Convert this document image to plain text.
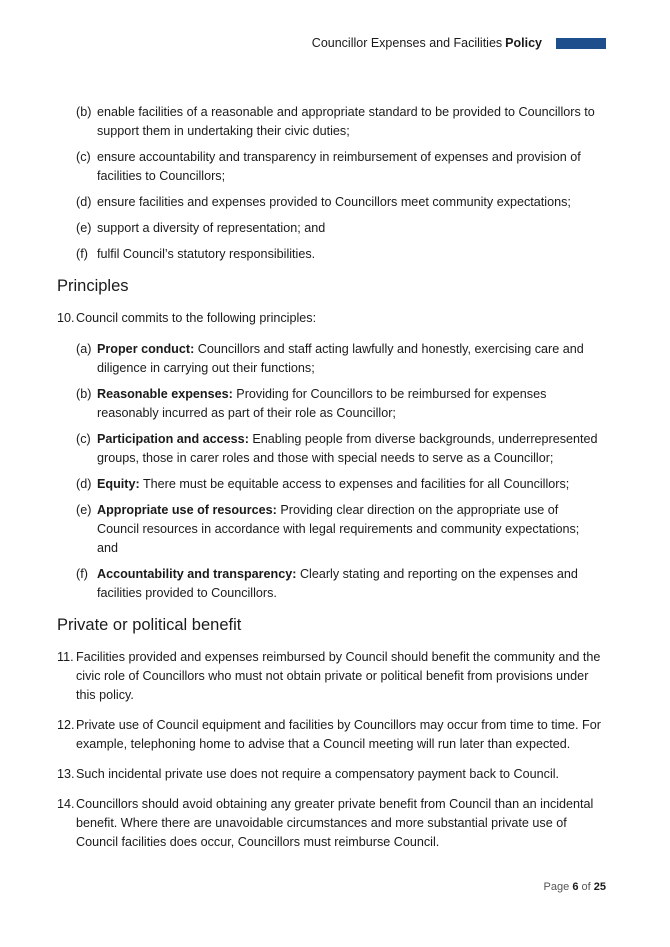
Councillor Expenses and Facilities Policy
(b) enable facilities of a reasonable and appropriate standard to be provided to Councillors to support them in undertaking their civic duties;
(c) ensure accountability and transparency in reimbursement of expenses and provision of facilities to Councillors;
(d) ensure facilities and expenses provided to Councillors meet community expectations;
(e) support a diversity of representation; and
(f) fulfil Council’s statutory responsibilities.
Principles
10. Council commits to the following principles:
(a) Proper conduct: Councillors and staff acting lawfully and honestly, exercising care and diligence in carrying out their functions;
(b) Reasonable expenses: Providing for Councillors to be reimbursed for expenses reasonably incurred as part of their role as Councillor;
(c) Participation and access: Enabling people from diverse backgrounds, underrepresented groups, those in carer roles and those with special needs to serve as a Councillor;
(d) Equity: There must be equitable access to expenses and facilities for all Councillors;
(e) Appropriate use of resources: Providing clear direction on the appropriate use of Council resources in accordance with legal requirements and community expectations; and
(f) Accountability and transparency: Clearly stating and reporting on the expenses and facilities provided to Councillors.
Private or political benefit
11. Facilities provided and expenses reimbursed by Council should benefit the community and the civic role of Councillors who must not obtain private or political benefit from provisions under this policy.
12. Private use of Council equipment and facilities by Councillors may occur from time to time. For example, telephoning home to advise that a Council meeting will run later than expected.
13. Such incidental private use does not require a compensatory payment back to Council.
14. Councillors should avoid obtaining any greater private benefit from Council than an incidental benefit. Where there are unavoidable circumstances and more substantial private use of Council facilities does occur, Councillors must reimburse Council.
Page 6 of 25
